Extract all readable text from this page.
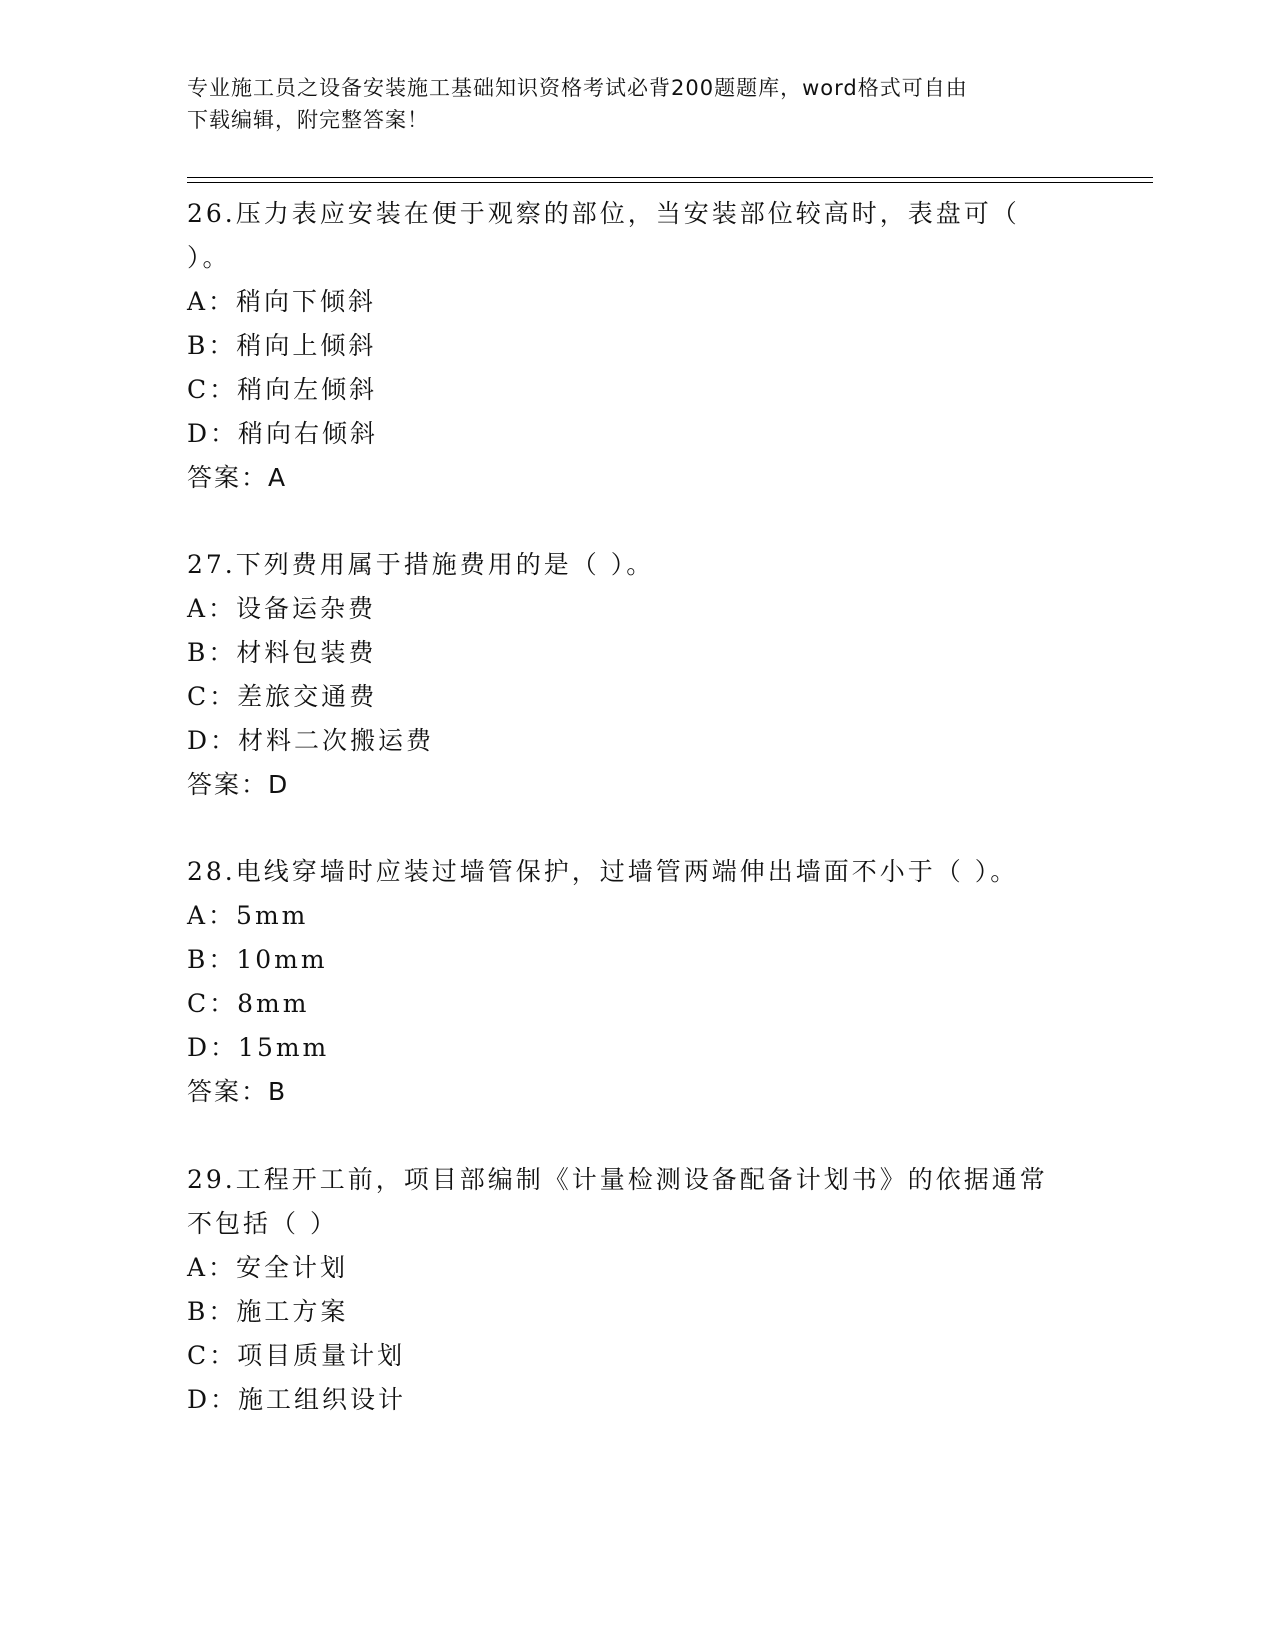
专业施工员之设备安装施工基础知识资格考试必背200题题库，word格式可自由
下载编辑，附完整答案！
26.压力表应安装在便于观察的部位，当安装部位较高时，表盘可（
）。
A：稍向下倾斜
B：稍向上倾斜
C：稍向左倾斜
D：稍向右倾斜
答案：A
27.下列费用属于措施费用的是（ ）。
A：设备运杂费
B：材料包装费
C：差旅交通费
D：材料二次搬运费
答案：D
28.电线穿墙时应装过墙管保护，过墙管两端伸出墙面不小于（ ）。
A：5mm
B：10mm
C：8mm
D：15mm
答案：B
29.工程开工前，项目部编制《计量检测设备配备计划书》的依据通常
不包括（ ）
A：安全计划
B：施工方案
C：项目质量计划
D：施工组织设计
